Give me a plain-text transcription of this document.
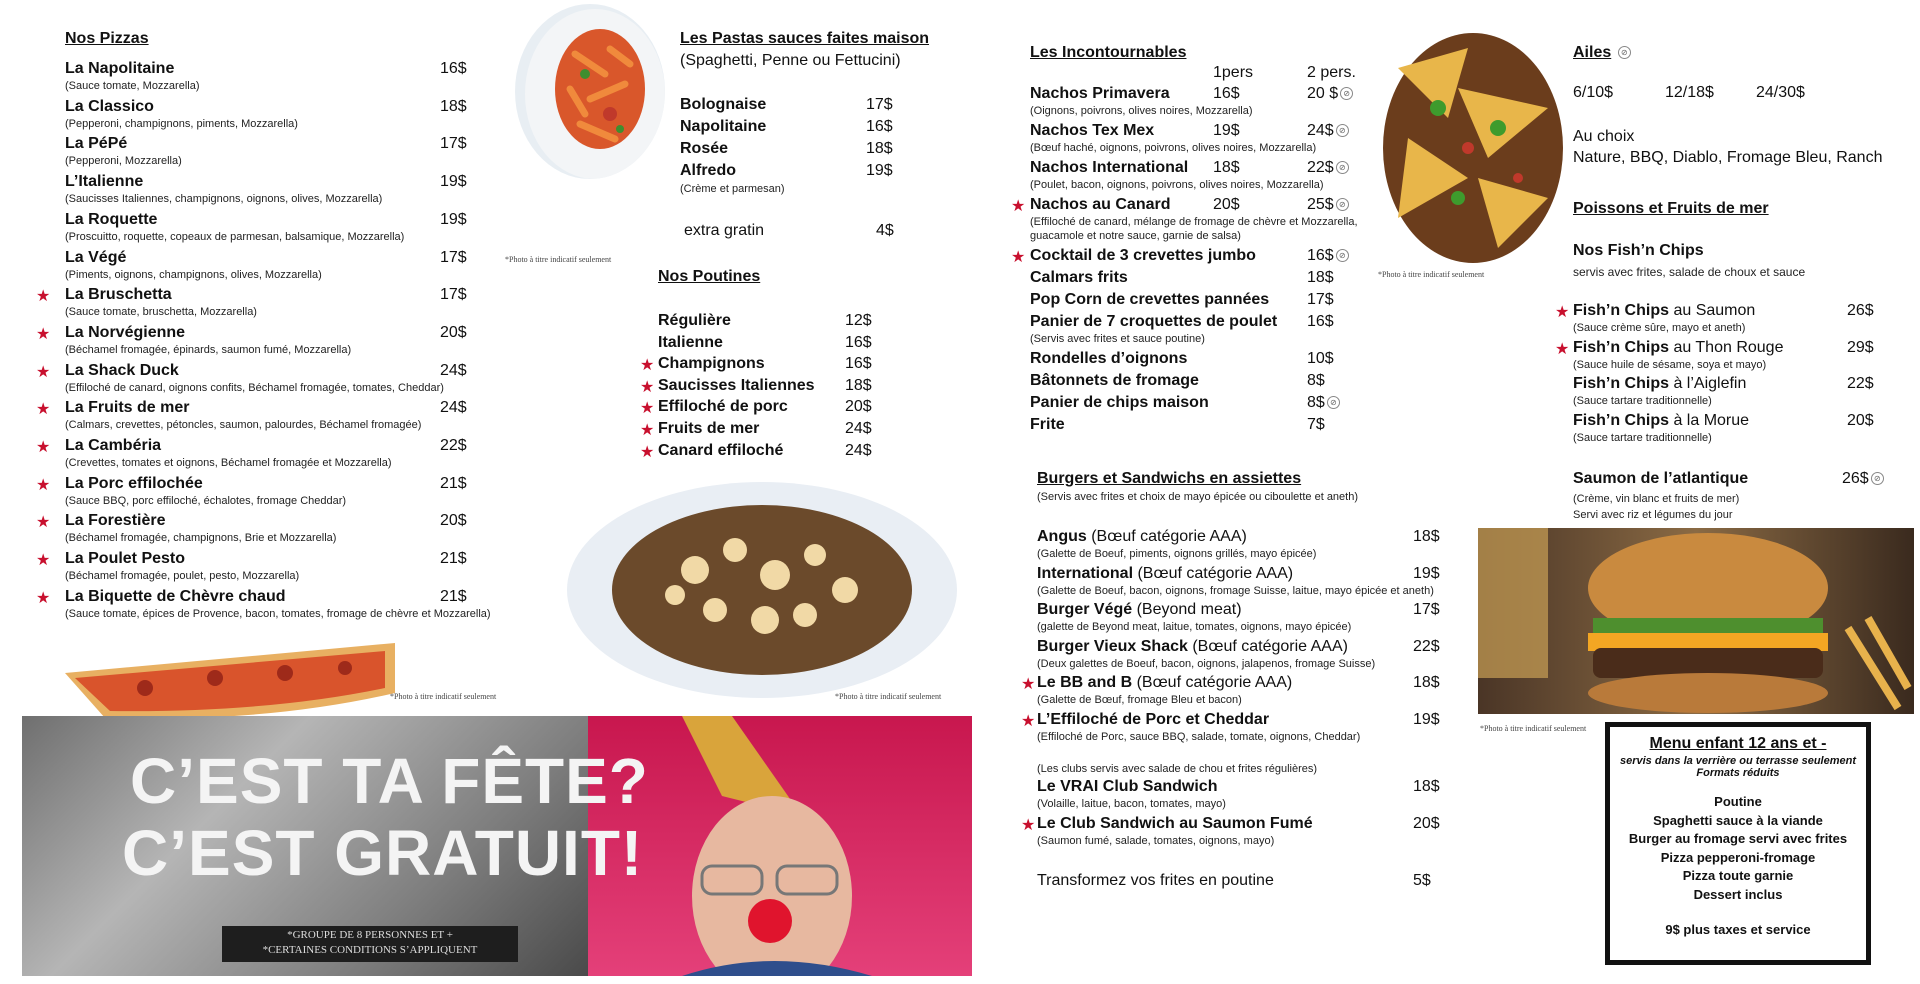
Nos Pizzas
La Napolitaine
(Sauce tomate, Mozzarella)
16$
La Classico
(Pepperoni, champignons, piments, Mozzarella)
18$
La PéPé
(Pepperoni, Mozzarella)
17$
L’Italienne
(Saucisses Italiennes, champignons, oignons, olives, Mozzarella)
19$
La Roquette
(Proscuitto, roquette, copeaux de parmesan, balsamique, Mozzarella)
19$
La Végé
(Piments, oignons, champignons, olives, Mozzarella)
17$
★ La Bruschetta
(Sauce tomate, bruschetta, Mozzarella)
17$
★ La Norvégienne
(Béchamel fromagée, épinards, saumon fumé, Mozzarella)
20$
★ La Shack Duck
(Effiloché de canard, oignons confits, Béchamel fromagée, tomates, Cheddar)
24$
★ La Fruits de mer
(Calmars, crevettes, pétoncles, saumon, palourdes, Béchamel fromagée)
24$
★ La Cambéria
(Crevettes, tomates et oignons, Béchamel fromagée et Mozzarella)
22$
★ La Porc effilochée
(Sauce BBQ, porc effiloché, échalotes, fromage Cheddar)
21$
★ La Forestière
(Béchamel fromagée, champignons, Brie et Mozzarella)
20$
★ La Poulet Pesto
(Béchamel fromagée, poulet, pesto, Mozzarella)
21$
★ La Biquette de Chèvre chaud
(Sauce tomate, épices de Provence, bacon, tomates, fromage de chèvre et Mozzarella)
21$
*Photo à titre indicatif seulement
Les Pastas sauces faites maison
(Spaghetti, Penne ou Fettucini)
Bolognaise	17$
Napolitaine	16$
Rosée	18$
Alfredo	19$
(Crème et parmesan)
extra gratin	4$
Nos Poutines
Régulière	12$
Italienne	16$
★ Champignons	16$
★ Saucisses Italiennes 18$
★ Effiloché de porc	20$
★ Fruits de mer	24$
★ Canard effiloché	24$
*Photo à titre indicatif seulement
*Photo à titre indicatif seulement
C’EST TA FÊTE?
C’EST GRATUIT!
*GROUPE DE 8 PERSONNES ET +
*CERTAINES CONDITIONS S’APPLIQUENT
Les Incontournables
1pers	2 pers.
Nachos Primavera	16$	20 $ ⊘
(Oignons, poivrons, olives noires, Mozzarella)
Nachos Tex Mex	19$	24$ ⊘
(Bœuf haché, oignons, poivrons, olives noires, Mozzarella)
Nachos International 18$	22$ ⊘
(Poulet, bacon, oignons, poivrons, olives noires, Mozzarella)
★ Nachos au Canard	20$	25$ ⊘
(Effiloché de canard, mélange de fromage de chèvre et Mozzarella,
guacamole et notre sauce, garnie de salsa)
★ Cocktail de 3 crevettes jumbo	16$ ⊘
Calmars frits	18$
Pop Corn de crevettes pannées 17$
Panier de 7 croquettes de poulet 16$
(Servis avec frites et sauce poutine)
Rondelles d’oignons	10$
Bâtonnets de fromage	8$
Panier de chips maison	8$ ⊘
Frite	7$
*Photo à titre indicatif seulement
Ailes ⊘
6/10$	12/18$	24/30$
Au choix
Nature, BBQ, Diablo, Fromage Bleu, Ranch
Poissons et Fruits de mer
Nos Fish’n Chips
servis avec frites, salade de choux et sauce
★ Fish’n Chips au Saumon
(Sauce crème sûre, mayo et aneth)
26$
★ Fish’n Chips au Thon Rouge
(Sauce huile de sésame, soya et mayo)
29$
Fish’n Chips à l’Aiglefin
(Sauce tartare traditionnelle)
22$
Fish’n Chips à la Morue
(Sauce tartare traditionnelle)
20$
Saumon de l’atlantique	26$ ⊘
(Crème, vin blanc et fruits de mer)
Servi avec riz et légumes du jour
Burgers et Sandwichs en assiettes
(Servis avec frites et choix de mayo épicée ou ciboulette et aneth)
Angus (Bœuf catégorie AAA)
(Galette de Boeuf, piments, oignons grillés, mayo épicée)
18$
International (Bœuf catégorie AAA)
(Galette de Boeuf, bacon, oignons, fromage Suisse, laitue, mayo épicée et aneth)
19$
Burger Végé (Beyond meat)
(galette de Beyond meat, laitue, tomates, oignons, mayo épicée)
17$
Burger Vieux Shack (Bœuf catégorie AAA)
(Deux galettes de Boeuf, bacon, oignons, jalapenos, fromage Suisse)
22$
★ Le BB and B (Bœuf catégorie AAA)
(Galette de Bœuf, fromage Bleu et bacon)
18$
★ L’Effiloché de Porc et Cheddar
(Effiloché de Porc, sauce BBQ, salade, tomate, oignons, Cheddar)
19$
(Les clubs servis avec salade de chou et frites régulières)
Le VRAI Club Sandwich
(Volaille, laitue, bacon, tomates, mayo)
18$
★ Le Club Sandwich au Saumon Fumé
(Saumon fumé, salade, tomates, oignons, mayo)
20$
Transformez vos frites en poutine	5$
*Photo à titre indicatif seulement
Menu enfant 12 ans et -
servis dans la verrière ou terrasse seulement
Formats réduits
Poutine
Spaghetti sauce à la viande
Burger au fromage servi avec frites
Pizza pepperoni-fromage
Pizza toute garnie
Dessert inclus
9$ plus taxes et service
